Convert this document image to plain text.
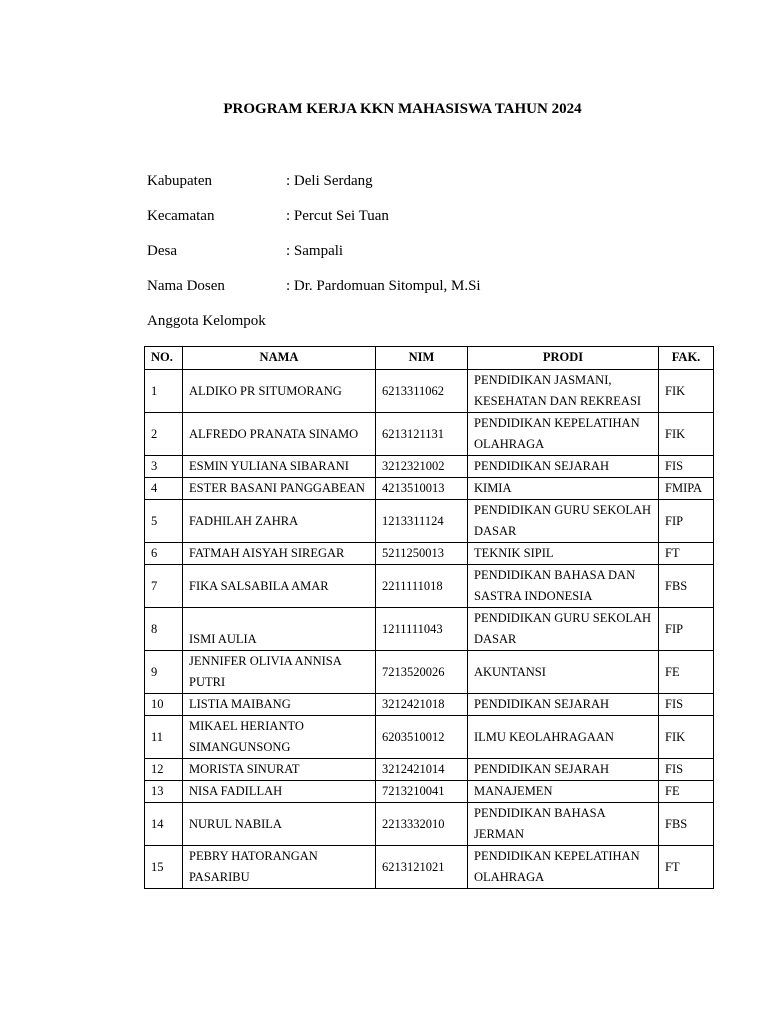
PROGRAM KERJA KKN MAHASISWA TAHUN 2024
Kabupaten	: Deli Serdang
Kecamatan	: Percut Sei Tuan
Desa	: Sampali
Nama Dosen	: Dr. Pardomuan Sitompul, M.Si
Anggota Kelompok
NO.	NAMA	NIM	PRODI	FAK.
1	ALDIKO PR SITUMORANG	6213311062	PENDIDIKAN JASMANI, KESEHATAN DAN REKREASI	FIK
2	ALFREDO PRANATA SINAMO	6213121131	PENDIDIKAN KEPELATIHAN OLAHRAGA	FIK
3	ESMIN YULIANA SIBARANI	3212321002	PENDIDIKAN SEJARAH	FIS
4	ESTER BASANI PANGGABEAN	4213510013	KIMIA	FMIPA
5	FADHILAH ZAHRA	1213311124	PENDIDIKAN GURU SEKOLAH DASAR	FIP
6	FATMAH AISYAH SIREGAR	5211250013	TEKNIK SIPIL	FT
7	FIKA SALSABILA AMAR	2211111018	PENDIDIKAN BAHASA DAN SASTRA INDONESIA	FBS
8	ISMI AULIA	1211111043	PENDIDIKAN GURU SEKOLAH DASAR	FIP
9	JENNIFER OLIVIA ANNISA PUTRI	7213520026	AKUNTANSI	FE
10	LISTIA MAIBANG	3212421018	PENDIDIKAN SEJARAH	FIS
11	MIKAEL HERIANTO SIMANGUNSONG	6203510012	ILMU KEOLAHRAGAAN	FIK
12	MORISTA SINURAT	3212421014	PENDIDIKAN SEJARAH	FIS
13	NISA FADILLAH	7213210041	MANAJEMEN	FE
14	NURUL NABILA	2213332010	PENDIDIKAN BAHASA JERMAN	FBS
15	PEBRY HATORANGAN PASARIBU	6213121021	PENDIDIKAN KEPELATIHAN OLAHRAGA	FT
